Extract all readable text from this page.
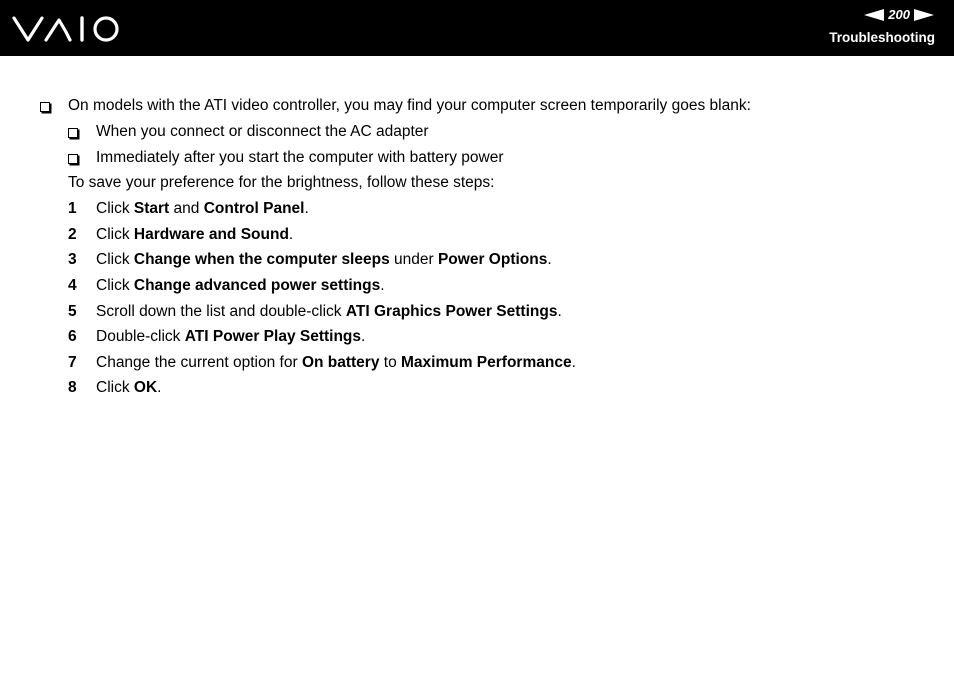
200
Troubleshooting
On models with the ATI video controller, you may find your computer screen temporarily goes blank:
When you connect or disconnect the AC adapter
Immediately after you start the computer with battery power
To save your preference for the brightness, follow these steps:
1 Click Start and Control Panel.
2 Click Hardware and Sound.
3 Click Change when the computer sleeps under Power Options.
4 Click Change advanced power settings.
5 Scroll down the list and double-click ATI Graphics Power Settings.
6 Double-click ATI Power Play Settings.
7 Change the current option for On battery to Maximum Performance.
8 Click OK.
